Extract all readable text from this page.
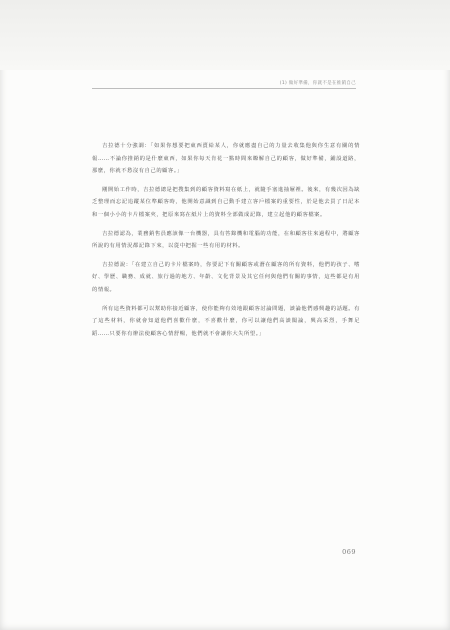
(1) 做好準備，你就不是在推銷自己

吉拉德十分強調：「如果你想要把東西賣給某人，你就應盡自己的力量去收集他與你生意有關的情報……不論你推銷的是什麼東西，如果你每天肯花一點時間來瞭解自己的顧客，做好準備，鋪設道路，那麼，你就不愁沒有自己的顧客。」

剛開始工作時，吉拉德總是把搜集到的顧客資料寫在紙上，就隨手塞進抽屜裡。後來，有幾次因為缺乏整理而忘記追蹤某位準顧客時，他開始意識到自己動手建立客戶檔案的重要性，於是他去買了日記本和一個小小的卡片檔案夾，把原來寫在紙片上的資料全部做成記錄，建立起他的顧客檔案。

吉拉德認為，業務銷售員應該像一台機器，具有答錄機和電腦的功能，在和顧客往來過程中，將顧客所說的有用情況都記錄下來，以從中把握一些有用的材料。

吉拉德說：「在建立自己的卡片檔案時，你要記下有關顧客或潛在顧客的所有資料，他們的孩子、嗜好、學歷、職務、成就、旅行過的地方、年齡、文化背景及其它任何與他們有關的事情，這些都是有用的情報。

所有這些資料都可以幫助你接近顧客，使你能夠有效地跟顧客討論問題，談論他們感興趣的話題。有了這些材料，你就會知道他們喜歡什麼，不喜歡什麼，你可以讓他們高談闊論，興高采烈，手舞足蹈……只要你有辦法使顧客心情舒暢，他們就不會讓你大失所望。」

069
